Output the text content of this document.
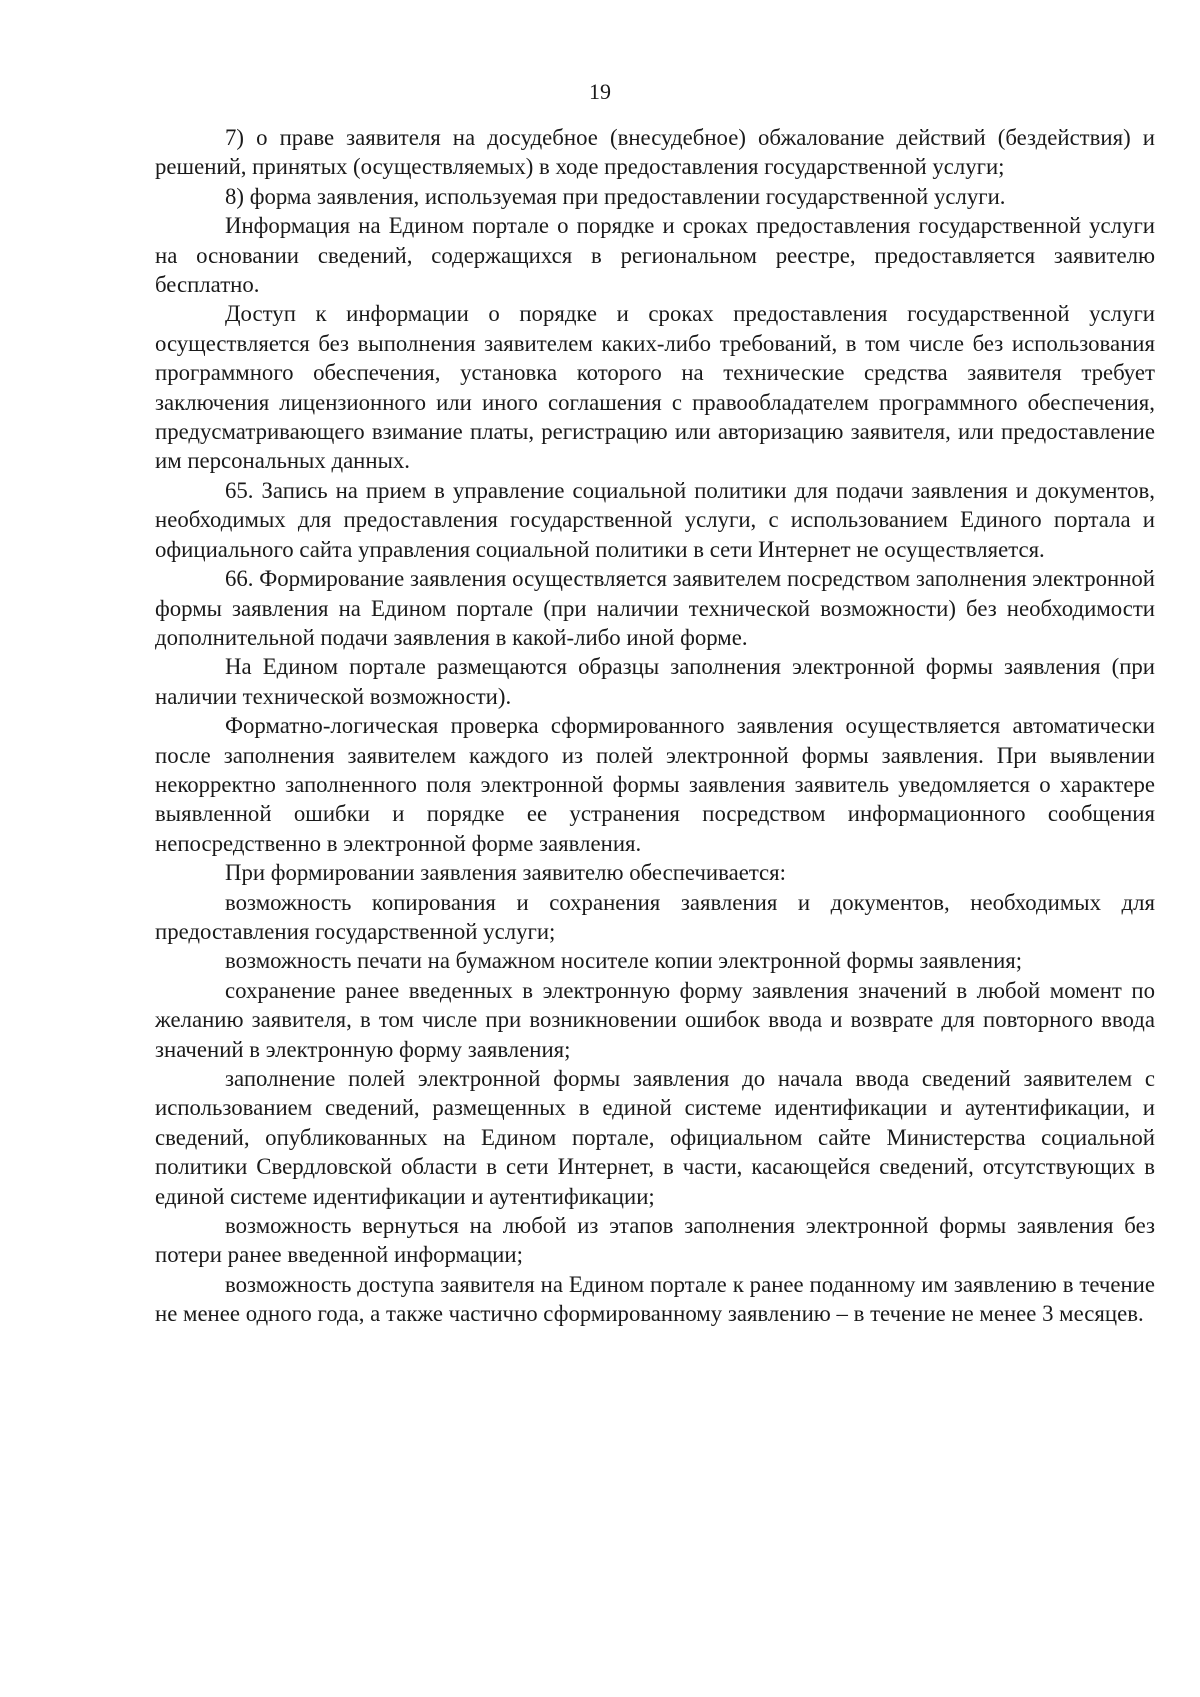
19

7) о праве заявителя на досудебное (внесудебное) обжалование действий (бездействия) и решений, принятых (осуществляемых) в ходе предоставления государственной услуги;

8) форма заявления, используемая при предоставлении государственной услуги.

Информация на Едином портале о порядке и сроках предоставления государственной услуги на основании сведений, содержащихся в региональном реестре, предоставляется заявителю бесплатно.

Доступ к информации о порядке и сроках предоставления государственной услуги осуществляется без выполнения заявителем каких-либо требований, в том числе без использования программного обеспечения, установка которого на технические средства заявителя требует заключения лицензионного или иного соглашения с правообладателем программного обеспечения, предусматривающего взимание платы, регистрацию или авторизацию заявителя, или предоставление им персональных данных.

65. Запись на прием в управление социальной политики для подачи заявления и документов, необходимых для предоставления государственной услуги, с использованием Единого портала и официального сайта управления социальной политики в сети Интернет не осуществляется.

66. Формирование заявления осуществляется заявителем посредством заполнения электронной формы заявления на Едином портале (при наличии технической возможности) без необходимости дополнительной подачи заявления в какой-либо иной форме.

На Едином портале размещаются образцы заполнения электронной формы заявления (при наличии технической возможности).

Форматно-логическая проверка сформированного заявления осуществляется автоматически после заполнения заявителем каждого из полей электронной формы заявления. При выявлении некорректно заполненного поля электронной формы заявления заявитель уведомляется о характере выявленной ошибки и порядке ее устранения посредством информационного сообщения непосредственно в электронной форме заявления.

При формировании заявления заявителю обеспечивается:

возможность копирования и сохранения заявления и документов, необходимых для предоставления государственной услуги;

возможность печати на бумажном носителе копии электронной формы заявления;

сохранение ранее введенных в электронную форму заявления значений в любой момент по желанию заявителя, в том числе при возникновении ошибок ввода и возврате для повторного ввода значений в электронную форму заявления;

заполнение полей электронной формы заявления до начала ввода сведений заявителем с использованием сведений, размещенных в единой системе идентификации и аутентификации, и сведений, опубликованных на Едином портале, официальном сайте Министерства социальной политики Свердловской области в сети Интернет, в части, касающейся сведений, отсутствующих в единой системе идентификации и аутентификации;

возможность вернуться на любой из этапов заполнения электронной формы заявления без потери ранее введенной информации;

возможность доступа заявителя на Едином портале к ранее поданному им заявлению в течение не менее одного года, а также частично сформированному заявлению – в течение не менее 3 месяцев.
